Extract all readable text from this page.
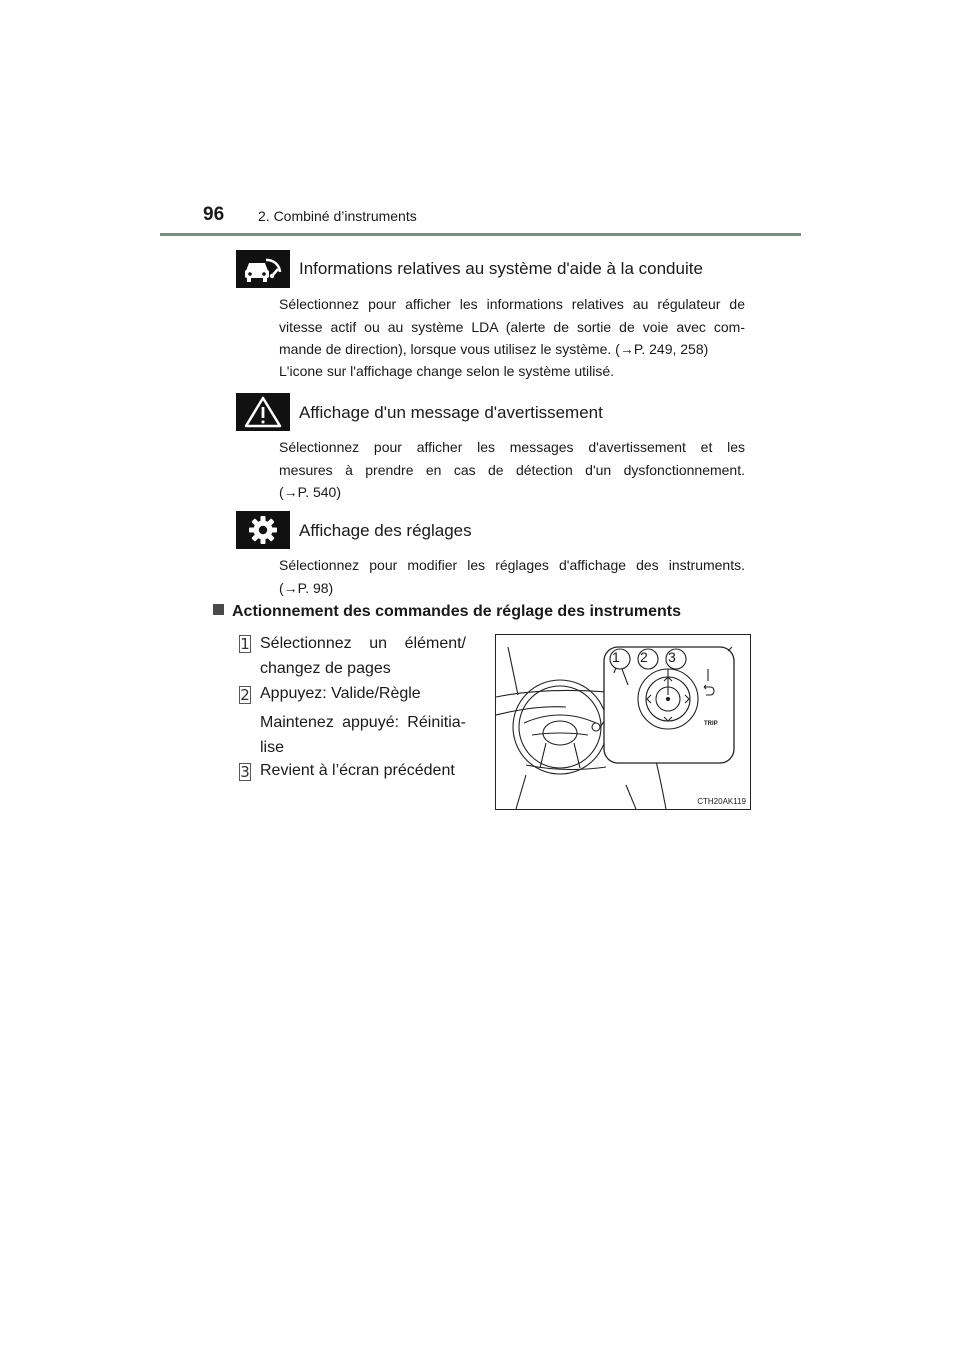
96 2. Combiné d’instruments
Informations relatives au système d'aide à la conduite
Sélectionnez pour afficher les informations relatives au régulateur de
vitesse actif ou au système LDA (alerte de sortie de voie avec com-
mande de direction), lorsque vous utilisez le système. (→P. 249, 258)
L'icone sur l'affichage change selon le système utilisé.
Affichage d'un message d'avertissement
Sélectionnez pour afficher les messages d'avertissement et les
mesures à prendre en cas de détection d'un dysfonctionnement.
(→P. 540)
Affichage des réglages
Sélectionnez pour modifier les réglages d'affichage des instruments.
(→P. 98)
Actionnement des commandes de réglage des instruments
1 Sélectionnez un élément/
changez de pages
2 Appuyez: Valide/Règle
Maintenez appuyé: Réinitia-
lise
3 Revient à l’écran précédent
1 2 3
TRIP
CTH20AK119
